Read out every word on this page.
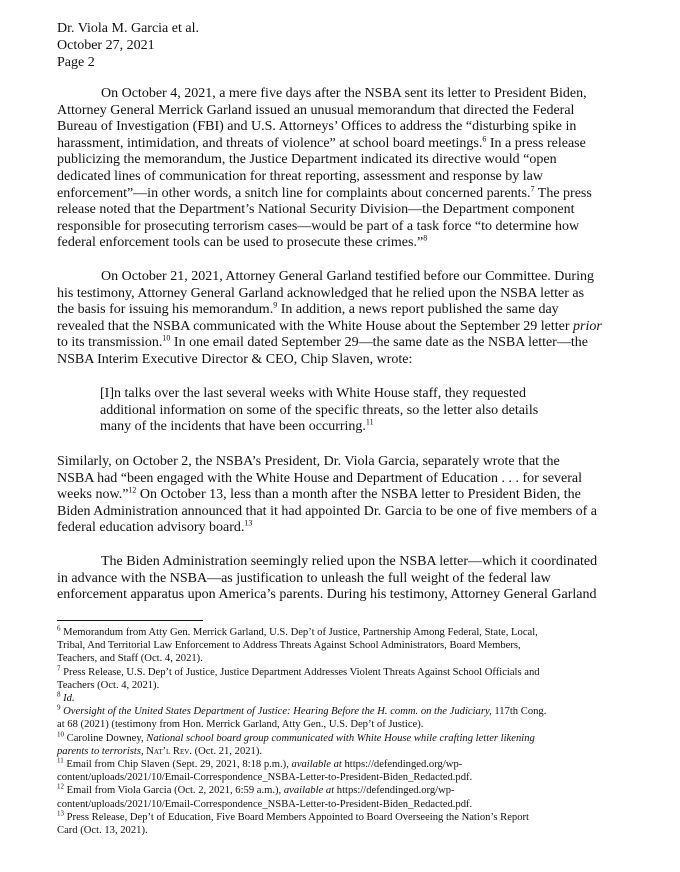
Dr. Viola M. Garcia et al.
October 27, 2021
Page 2

On October 4, 2021, a mere five days after the NSBA sent its letter to President Biden,

Attorney General Merrick Garland issued an unusual memorandum that directed the Federal

Bureau of Investigation (FBI) and U.S. Attorneys’ Offices to address the “disturbing spike in

harassment, intimidation, and threats of violence” at school board meetings.$^6$ In a press release

publicizing the memorandum, the Justice Department indicated its directive would “open

dedicated lines of communication for threat reporting, assessment and response by law

enforcement”—in other words, a snitch line for complaints about concerned parents.$^7$ The press

release noted that the Department’s National Security Division—the Department component

responsible for prosecuting terrorism cases—would be part of a task force “to determine how

federal enforcement tools can be used to prosecute these crimes.”$^8$

On October 21, 2021, Attorney General Garland testified before our Committee. During

his testimony, Attorney General Garland acknowledged that he relied upon the NSBA letter as

the basis for issuing his memorandum.$^9$ In addition, a news report published the same day

revealed that the NSBA communicated with the White House about the September 29 letter prior

to its transmission.$^{10}$ In one email dated September 29—the same date as the NSBA letter—the

NSBA Interim Executive Director & CEO, Chip Slaven, wrote:

[I]n talks over the last several weeks with White House staff, they requested

additional information on some of the specific threats, so the letter also details

many of the incidents that have been occurring.$^{11}$

Similarly, on October 2, the NSBA’s President, Dr. Viola Garcia, separately wrote that the

NSBA had “been engaged with the White House and Department of Education . . . for several

weeks now.”$^{12}$ On October 13, less than a month after the NSBA letter to President Biden, the

Biden Administration announced that it had appointed Dr. Garcia to be one of five members of a

federal education advisory board.$^{13}$

The Biden Administration seemingly relied upon the NSBA letter—which it coordinated

in advance with the NSBA—as justification to unleash the full weight of the federal law

enforcement apparatus upon America’s parents. During his testimony, Attorney General Garland

$^6$ Memorandum from Atty Gen. Merrick Garland, U.S. Dep’t of Justice, Partnership Among Federal, State, Local,

Tribal, And Territorial Law Enforcement to Address Threats Against School Administrators, Board Members,

Teachers, and Staff (Oct. 4, 2021).

$^7$ Press Release, U.S. Dep’t of Justice, Justice Department Addresses Violent Threats Against School Officials and

Teachers (Oct. 4, 2021).

$^8$ Id.

$^9$ Oversight of the United States Department of Justice: Hearing Before the H. comm. on the Judiciary, 117th Cong.

at 68 (2021) (testimony from Hon. Merrick Garland, Atty Gen., U.S. Dep’t of Justice).

$^{10}$ Caroline Downey, National school board group communicated with White House while crafting letter likening

parents to terrorists, Nat’l Rev. (Oct. 21, 2021).

$^{11}$ Email from Chip Slaven (Sept. 29, 2021, 8:18 p.m.), available at https://defendinged.org/wp-

content/uploads/2021/10/Email-Correspondence_NSBA-Letter-to-President-Biden_Redacted.pdf.

$^{12}$ Email from Viola Garcia (Oct. 2, 2021, 6:59 a.m.), available at https://defendinged.org/wp-

content/uploads/2021/10/Email-Correspondence_NSBA-Letter-to-President-Biden_Redacted.pdf.

$^{13}$ Press Release, Dep’t of Education, Five Board Members Appointed to Board Overseeing the Nation’s Report

Card (Oct. 13, 2021).
